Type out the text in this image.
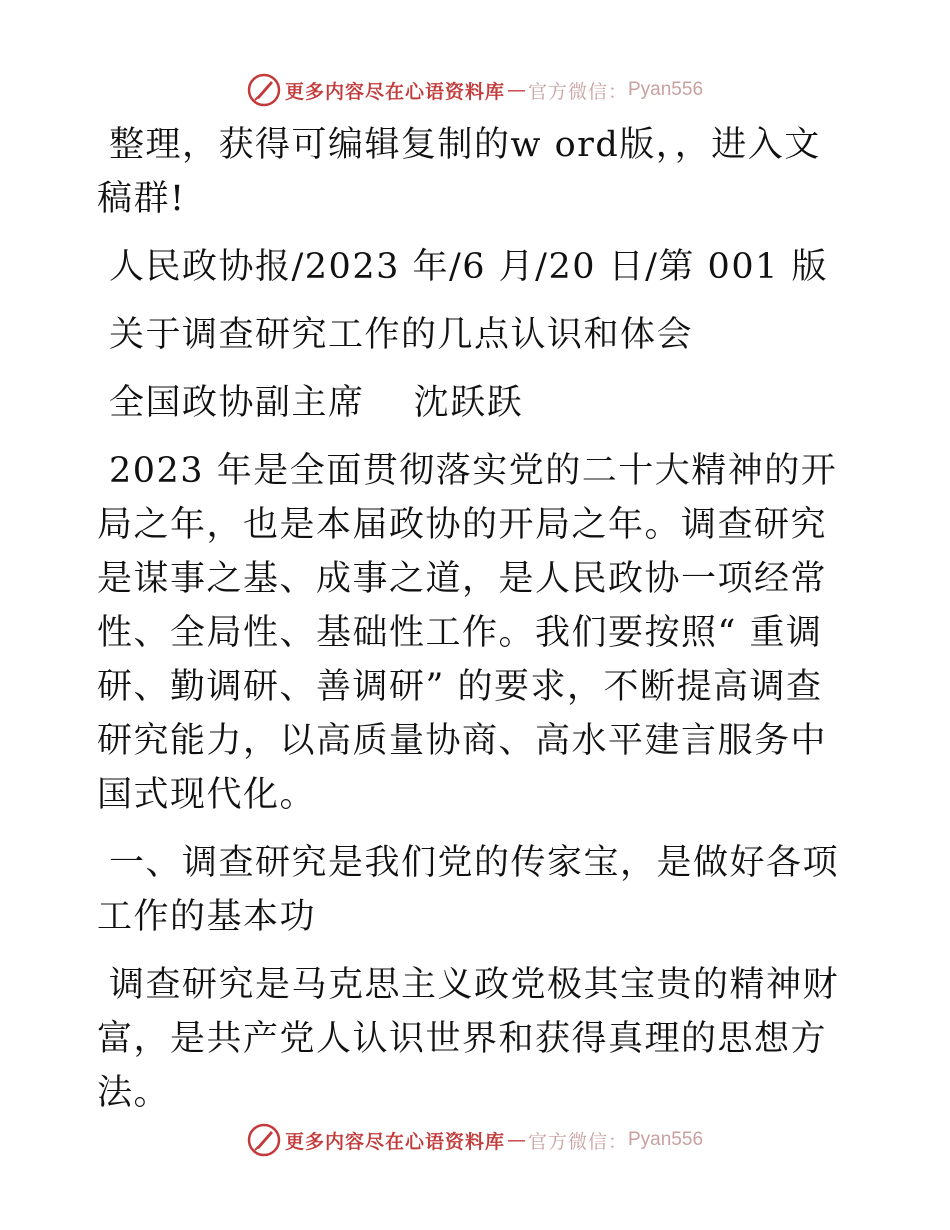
更多内容尽在心语资料库 — 官方微信： Pyan556

整理，获得可编辑复制的w ord版，，进入文稿群!

人民政协报/2023 年/6 月/20 日/第 001 版

关于调查研究工作的几点认识和体会

全国政协副主席　 沈跃跃

2023 年是全面贯彻落实党的二十大精神的开局之年，也是本届政协的开局之年。调查研究是谋事之基、成事之道，是人民政协一项经常性、全局性、基础性工作。我们要按照“ 重调研、勤调研、善调研” 的要求，不断提高调查研究能力，以高质量协商、高水平建言服务中国式现代化。

一、调查研究是我们党的传家宝，是做好各项工作的基本功

调查研究是马克思主义政党极其宝贵的精神财富，是共产党人认识世界和获得真理的思想方法。

更多内容尽在心语资料库 — 官方微信： Pyan556
